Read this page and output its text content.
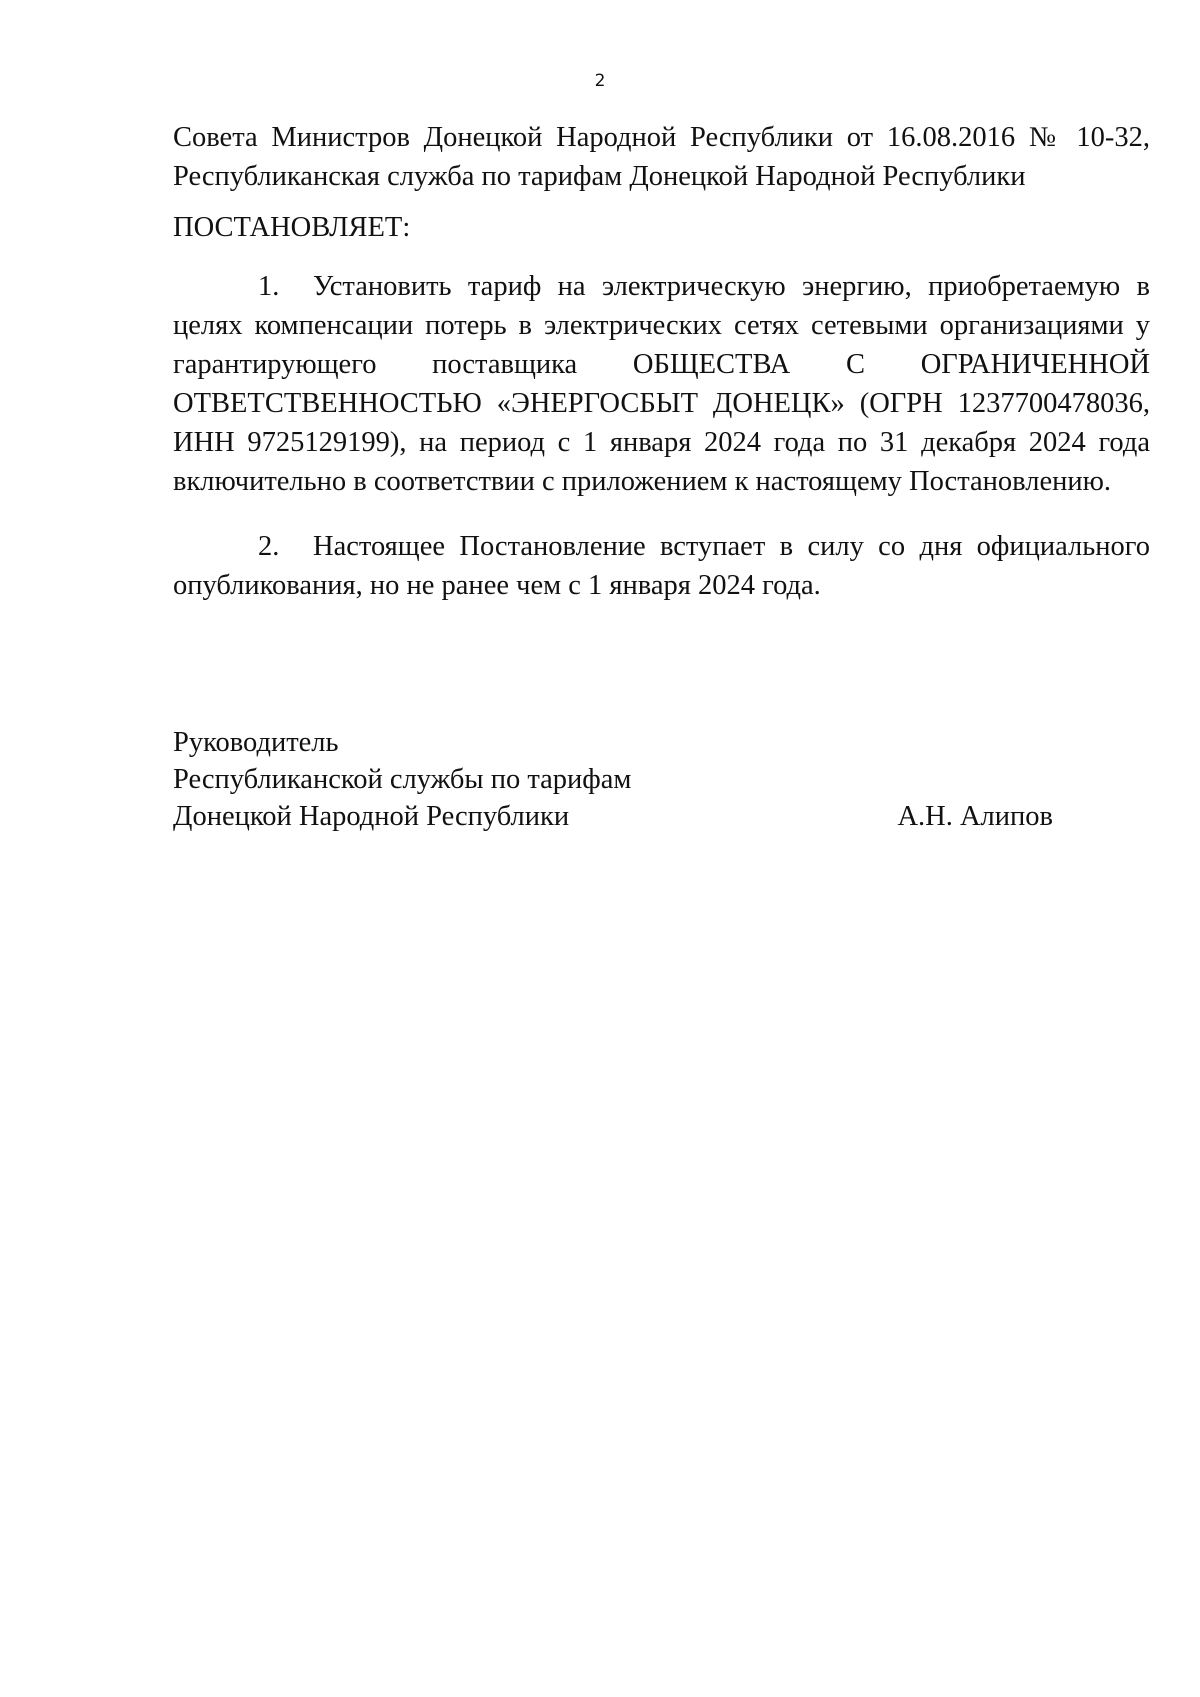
2

Совета Министров Донецкой Народной Республики от 16.08.2016 № 10-32, Республиканская служба по тарифам Донецкой Народной Республики

ПОСТАНОВЛЯЕТ:

1. Установить тариф на электрическую энергию, приобретаемую в целях компенсации потерь в электрических сетях сетевыми организациями у гарантирующего поставщика ОБЩЕСТВА С ОГРАНИЧЕННОЙ ОТВЕТСТВЕННОСТЬЮ «ЭНЕРГОСБЫТ ДОНЕЦК» (ОГРН 1237700478036, ИНН 9725129199), на период с 1 января 2024 года по 31 декабря 2024 года включительно в соответствии с приложением к настоящему Постановлению.

2. Настоящее Постановление вступает в силу со дня официального опубликования, но не ранее чем с 1 января 2024 года.

Руководитель
Республиканской службы по тарифам
Донецкой Народной Республики	А.Н. Алипов
